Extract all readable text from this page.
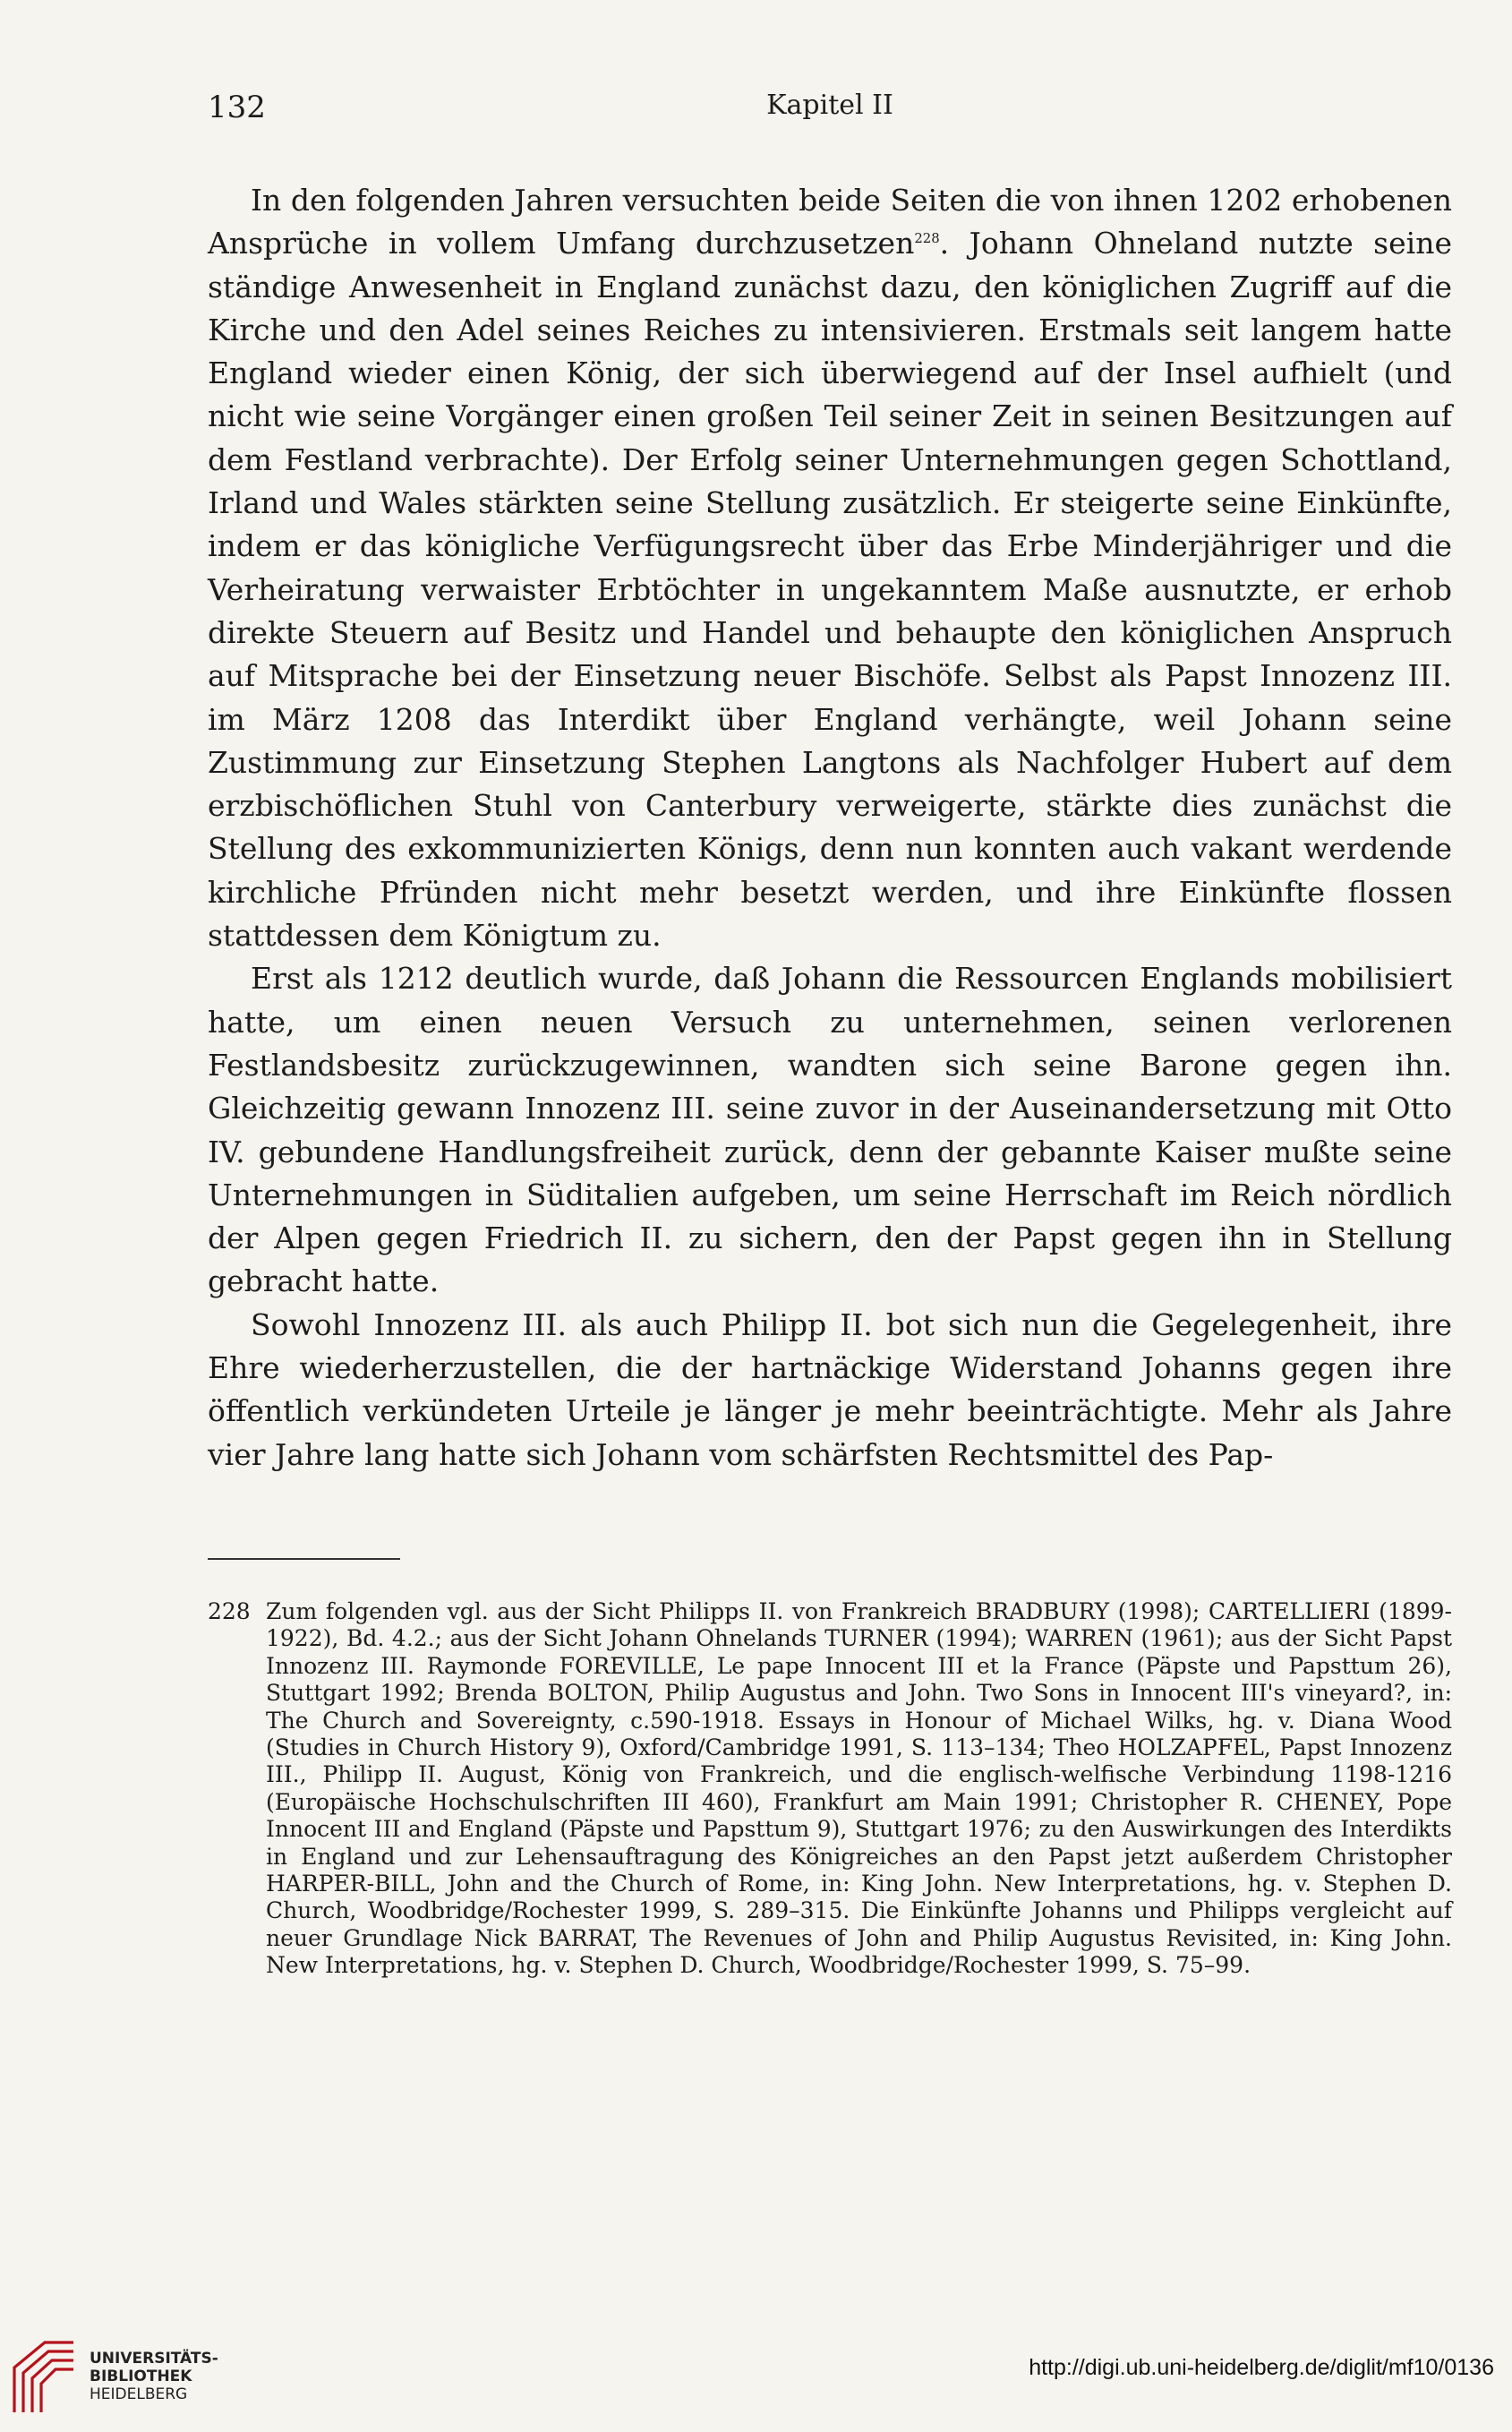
132	Kapitel II

In den folgenden Jahren versuchten beide Seiten die von ihnen 1202 erhobenen Ansprüche in vollem Umfang durchzusetzen$^{228}$. Johann Ohneland nutzte seine ständige Anwesenheit in England zunächst dazu, den königlichen Zugriff auf die Kirche und den Adel seines Reiches zu intensivieren. Erstmals seit langem hatte England wieder einen König, der sich überwiegend auf der Insel aufhielt (und nicht wie seine Vorgänger einen großen Teil seiner Zeit in seinen Besitzungen auf dem Festland verbrachte). Der Erfolg seiner Unternehmungen gegen Schottland, Irland und Wales stärkten seine Stellung zusätzlich. Er steigerte seine Einkünfte, indem er das königliche Verfügungsrecht über das Erbe Minderjähriger und die Verheiratung verwaister Erbtöchter in ungekanntem Maße ausnutzte, er erhob direkte Steuern auf Besitz und Handel und behaupte den königlichen Anspruch auf Mitsprache bei der Einsetzung neuer Bischöfe. Selbst als Papst Innozenz III. im März 1208 das Interdikt über England verhängte, weil Johann seine Zustimmung zur Einsetzung Stephen Langtons als Nachfolger Hubert auf dem erzbischöflichen Stuhl von Canterbury verweigerte, stärkte dies zunächst die Stellung des exkommunizierten Königs, denn nun konnten auch vakant werdende kirchliche Pfründen nicht mehr besetzt werden, und ihre Einkünfte flossen stattdessen dem Königtum zu.

Erst als 1212 deutlich wurde, daß Johann die Ressourcen Englands mobilisiert hatte, um einen neuen Versuch zu unternehmen, seinen verlorenen Festlandsbesitz zurückzugewinnen, wandten sich seine Barone gegen ihn. Gleichzeitig gewann Innozenz III. seine zuvor in der Auseinandersetzung mit Otto IV. gebundene Handlungsfreiheit zurück, denn der gebannte Kaiser mußte seine Unternehmungen in Süditalien aufgeben, um seine Herrschaft im Reich nördlich der Alpen gegen Friedrich II. zu sichern, den der Papst gegen ihn in Stellung gebracht hatte.

Sowohl Innozenz III. als auch Philipp II. bot sich nun die Gegelegenheit, ihre Ehre wiederherzustellen, die der hartnäckige Widerstand Johanns gegen ihre öffentlich verkündeten Urteile je länger je mehr beeinträchtigte. Mehr als Jahre vier Jahre lang hatte sich Johann vom schärfsten Rechtsmittel des Pap-

228 Zum folgenden vgl. aus der Sicht Philipps II. von Frankreich BRADBURY (1998); CARTELLIERI (1899-1922), Bd. 4.2.; aus der Sicht Johann Ohnelands TURNER (1994); WARREN (1961); aus der Sicht Papst Innozenz III. Raymonde FOREVILLE, Le pape Innocent III et la France (Päpste und Papsttum 26), Stuttgart 1992; Brenda BOLTON, Philip Augustus and John. Two Sons in Innocent III's vineyard?, in: The Church and Sovereignty, c.590-1918. Essays in Honour of Michael Wilks, hg. v. Diana Wood (Studies in Church History 9), Oxford/Cambridge 1991, S. 113–134; Theo HOLZAPFEL, Papst Innozenz III., Philipp II. August, König von Frankreich, und die englisch-welfische Verbindung 1198-1216 (Europäische Hochschulschriften III 460), Frankfurt am Main 1991; Christopher R. CHENEY, Pope Innocent III and England (Päpste und Papsttum 9), Stuttgart 1976; zu den Auswirkungen des Interdikts in England und zur Lehensauftragung des Königreiches an den Papst jetzt außerdem Christopher HARPER-BILL, John and the Church of Rome, in: King John. New Interpretations, hg. v. Stephen D. Church, Woodbridge/Rochester 1999, S. 289–315. Die Einkünfte Johanns und Philipps vergleicht auf neuer Grundlage Nick BARRAT, The Revenues of John and Philip Augustus Revisited, in: King John. New Interpretations, hg. v. Stephen D. Church, Woodbridge/Rochester 1999, S. 75–99.
UNIVERSITÄTS-
BIBLIOTHEK
HEIDELBERG
http://digi.ub.uni-heidelberg.de/diglit/mf10/0136
